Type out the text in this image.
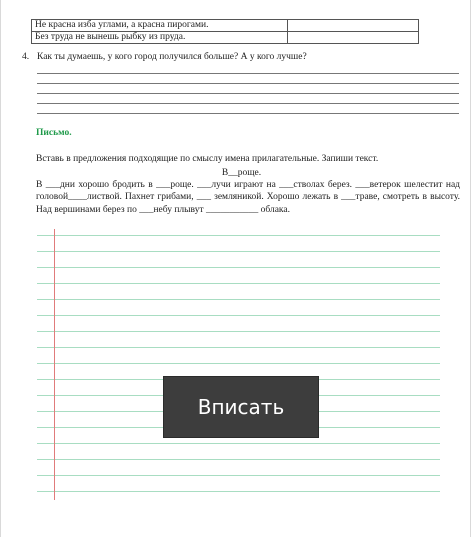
Не красна изба углами, а красна пирогами.	
Без труда не вынешь рыбку из пруда.	
4. Как ты думаешь, у кого город получился больше? А у кого лучше?
Письмо.
Вставь в предложения подходящие по смыслу имена прилагательные. Запиши текст.
В__роще.
В ___дни хорошо бродить в ___роще. ___лучи играют на ___стволах берез. ___ветерок шелестит над головой____листвой. Пахнет грибами, ___ земляникой. Хорошо лежать в ___траве, смотреть в высоту. Над вершинами берез по ___небу плывут ___________ облака.
Вписать
